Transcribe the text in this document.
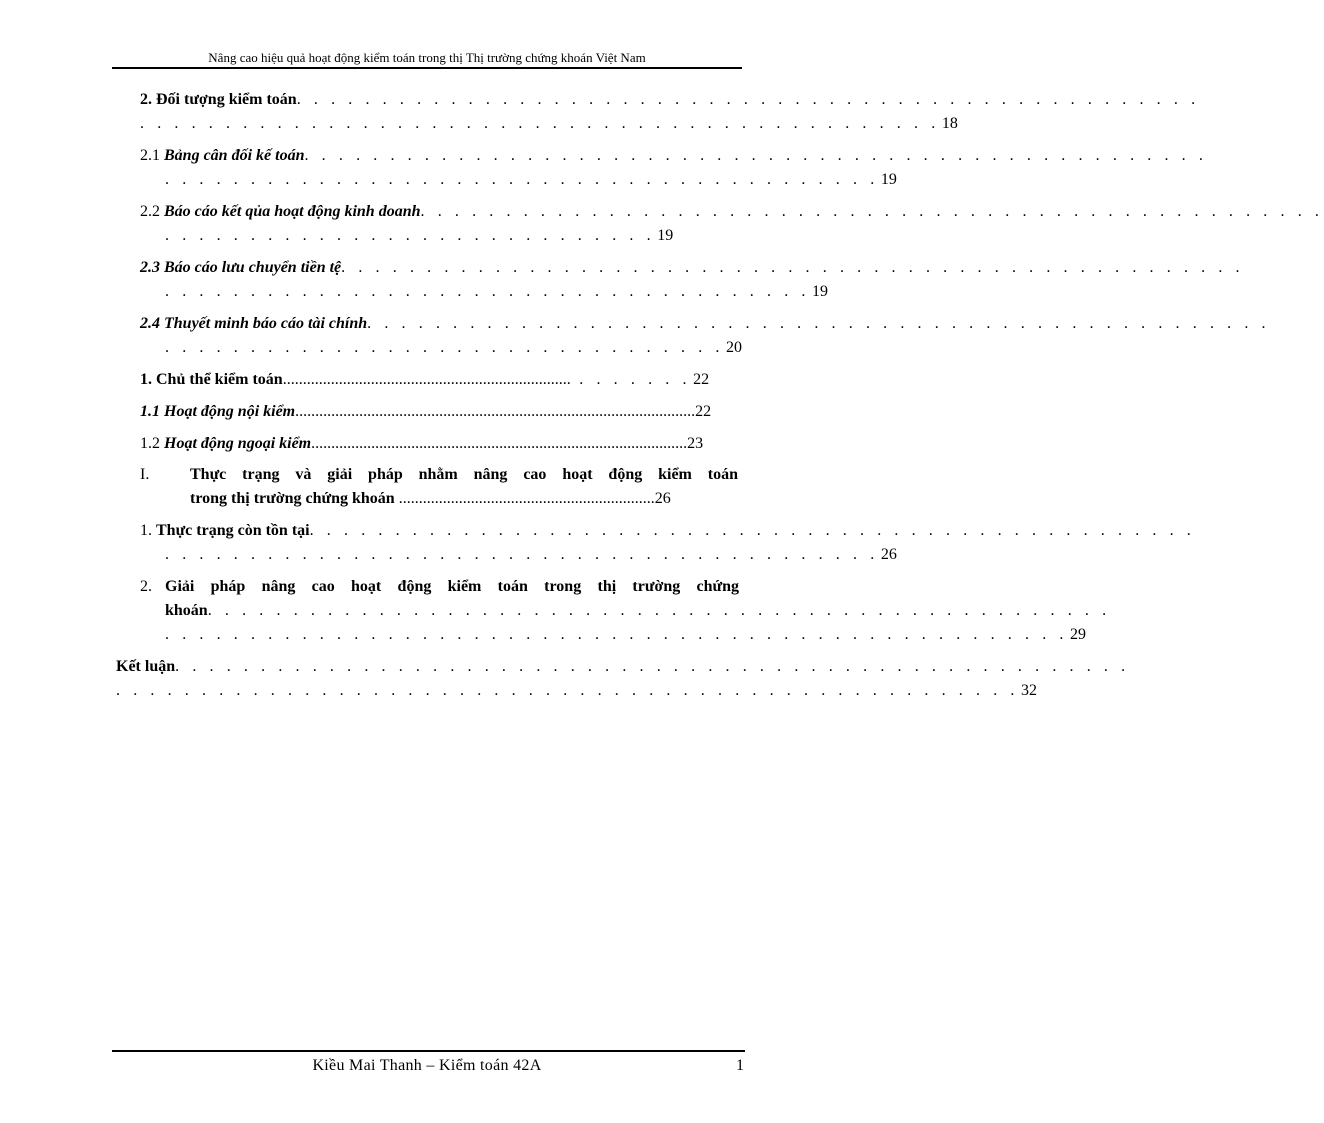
Nâng cao hiệu quả hoạt động kiểm toán trong thị Thị trường chứng khoán Việt Nam
2. Đối tượng kiểm toán. . . . . . . . . . . . . . . . . . . . . . . . . . . . . . . . . . . . . . . . . . . . . . . . . . . . .
. . . . . . . . . . . . . . . . . . . . . . . . . . . . . . . . . . . . . . . . . . . . . . . 18
2.1 Bảng cân đối kế toán. . . . . . . . . . . . . . . . . . . . . . . . . . . . . . . . . . . . . . . . . . . . . . . . . . . . .
. . . . . . . . . . . . . . . . . . . . . . . . . . . . . . . . . . . . . . . . . . 19
2.2 Báo cáo kết qủa hoạt động kinh doanh. . . . . . . . . . . . . . . . . . . . . . . . . . . . . . . . . . . . . . . . . . . . . . . . . . . . .
. . . . . . . . . . . . . . . . . . . . . . . . . . . . . 19
2.3 Báo cáo lưu chuyển tiền tệ. . . . . . . . . . . . . . . . . . . . . . . . . . . . . . . . . . . . . . . . . . . . . . . . . . . . .
. . . . . . . . . . . . . . . . . . . . . . . . . . . . . . . . . . . . . . 19
2.4 Thuyết minh báo cáo tài chính. . . . . . . . . . . . . . . . . . . . . . . . . . . . . . . . . . . . . . . . . . . . . . . . . . . . .
. . . . . . . . . . . . . . . . . . . . . . . . . . . . . . . . . 20
1. Chủ thể kiểm toán........................................................................ . . . . . . . 22
1.1 Hoạt động nội kiểm....................................................................................................22
1.2 Hoạt động ngoại kiểm..............................................................................................23
I.	Thực trạng và giải pháp nhằm nâng cao hoạt động kiểm toán
trong thị trường chứng khoán ................................................................26
1. Thực trạng còn tồn tại. . . . . . . . . . . . . . . . . . . . . . . . . . . . . . . . . . . . . . . . . . . . . . . . . . . .
. . . . . . . . . . . . . . . . . . . . . . . . . . . . . . . . . . . . . . . . . . 26
2. Giải pháp nâng cao hoạt động kiểm toán trong thị trường chứng
khoán. . . . . . . . . . . . . . . . . . . . . . . . . . . . . . . . . . . . . . . . . . . . . . . . . . . . .
. . . . . . . . . . . . . . . . . . . . . . . . . . . . . . . . . . . . . . . . . . . . . . . . . . . . . 29
Kết luận. . . . . . . . . . . . . . . . . . . . . . . . . . . . . . . . . . . . . . . . . . . . . . . . . . . . . . . .
. . . . . . . . . . . . . . . . . . . . . . . . . . . . . . . . . . . . . . . . . . . . . . . . . . . . . 32
Kiều Mai Thanh – Kiểm toán 42A	1
